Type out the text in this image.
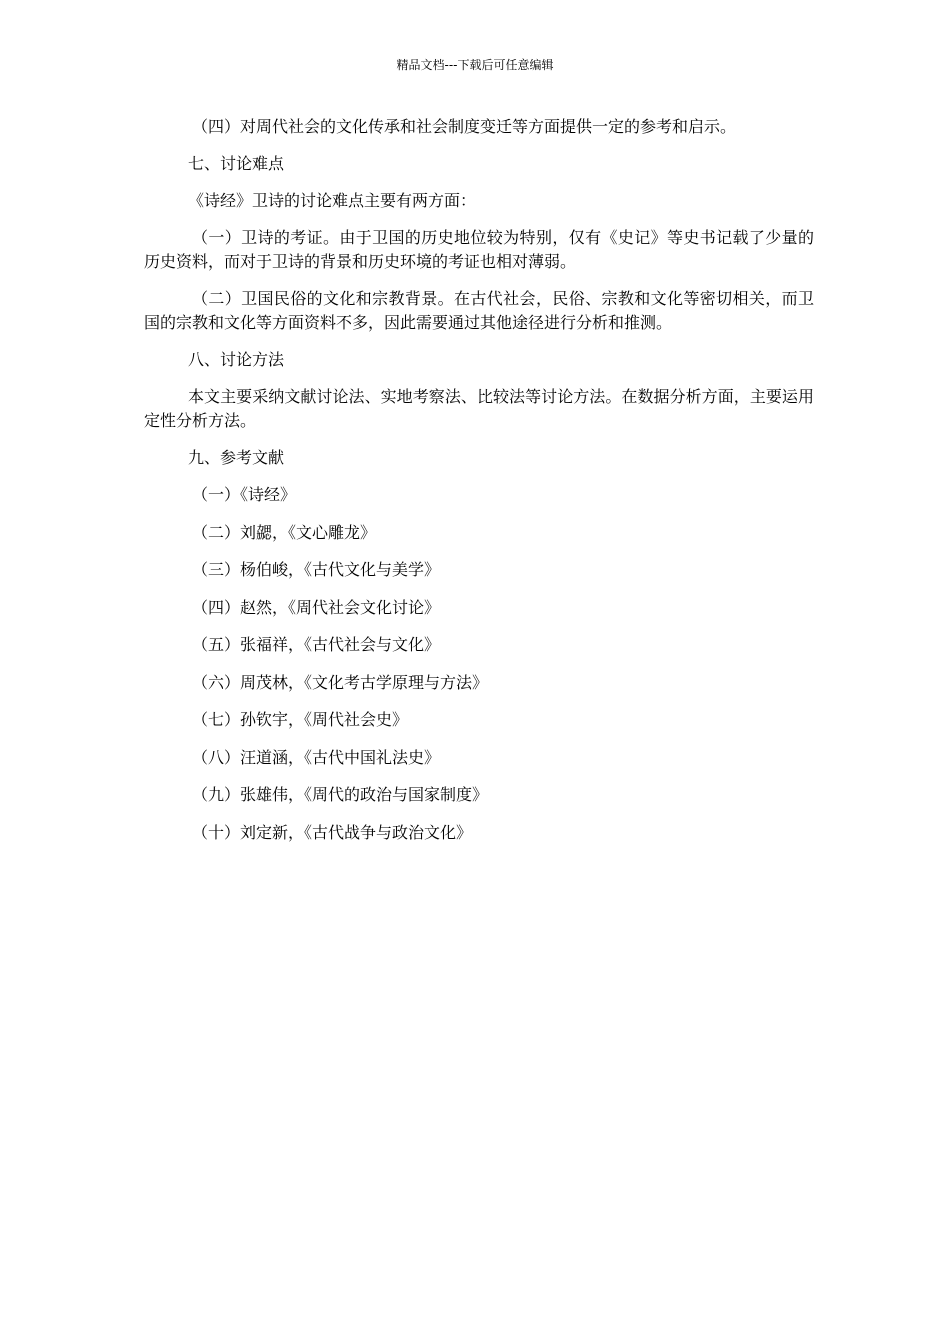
精品文档---下载后可任意编辑

（四）对周代社会的文化传承和社会制度变迁等方面提供一定的参考和启示。

七、讨论难点

《诗经》卫诗的讨论难点主要有两方面：

（一）卫诗的考证。由于卫国的历史地位较为特别，仅有《史记》等史书记载了少量的历史资料，而对于卫诗的背景和历史环境的考证也相对薄弱。

（二）卫国民俗的文化和宗教背景。在古代社会，民俗、宗教和文化等密切相关，而卫国的宗教和文化等方面资料不多，因此需要通过其他途径进行分析和推测。

八、讨论方法

本文主要采纳文献讨论法、实地考察法、比较法等讨论方法。在数据分析方面，主要运用定性分析方法。

九、参考文献

（一）《诗经》
（二）刘勰，《文心雕龙》
（三）杨伯峻，《古代文化与美学》
（四）赵然，《周代社会文化讨论》
（五）张福祥，《古代社会与文化》
（六）周茂林，《文化考古学原理与方法》
（七）孙钦宇，《周代社会史》
（八）汪道涵，《古代中国礼法史》
（九）张雄伟，《周代的政治与国家制度》
（十）刘定新，《古代战争与政治文化》
